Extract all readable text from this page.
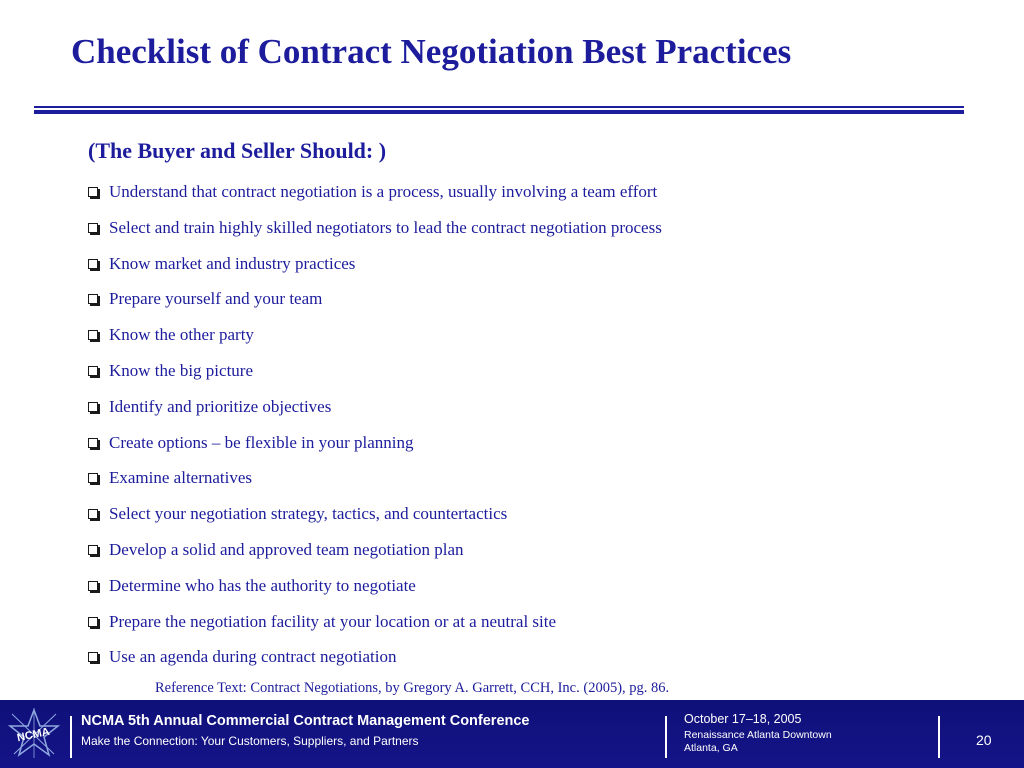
Checklist of Contract Negotiation Best Practices
(The Buyer and Seller Should: )
Understand that contract negotiation is a process, usually involving a team effort
Select and train highly skilled negotiators to lead the contract negotiation process
Know market and industry practices
Prepare yourself and your team
Know the other party
Know the big picture
Identify and prioritize objectives
Create options – be flexible in your planning
Examine alternatives
Select your negotiation strategy, tactics, and countertactics
Develop a solid and approved team negotiation plan
Determine who has the authority to negotiate
Prepare the negotiation facility at your location or at a neutral site
Use an agenda during contract negotiation
Reference Text: Contract Negotiations, by Gregory A. Garrett, CCH, Inc. (2005), pg. 86.
NCMA
NCMA 5th Annual Commercial Contract Management Conference
Make the Connection: Your Customers, Suppliers, and Partners
October 17–18, 2005
Renaissance Atlanta Downtown
Atlanta, GA	20
